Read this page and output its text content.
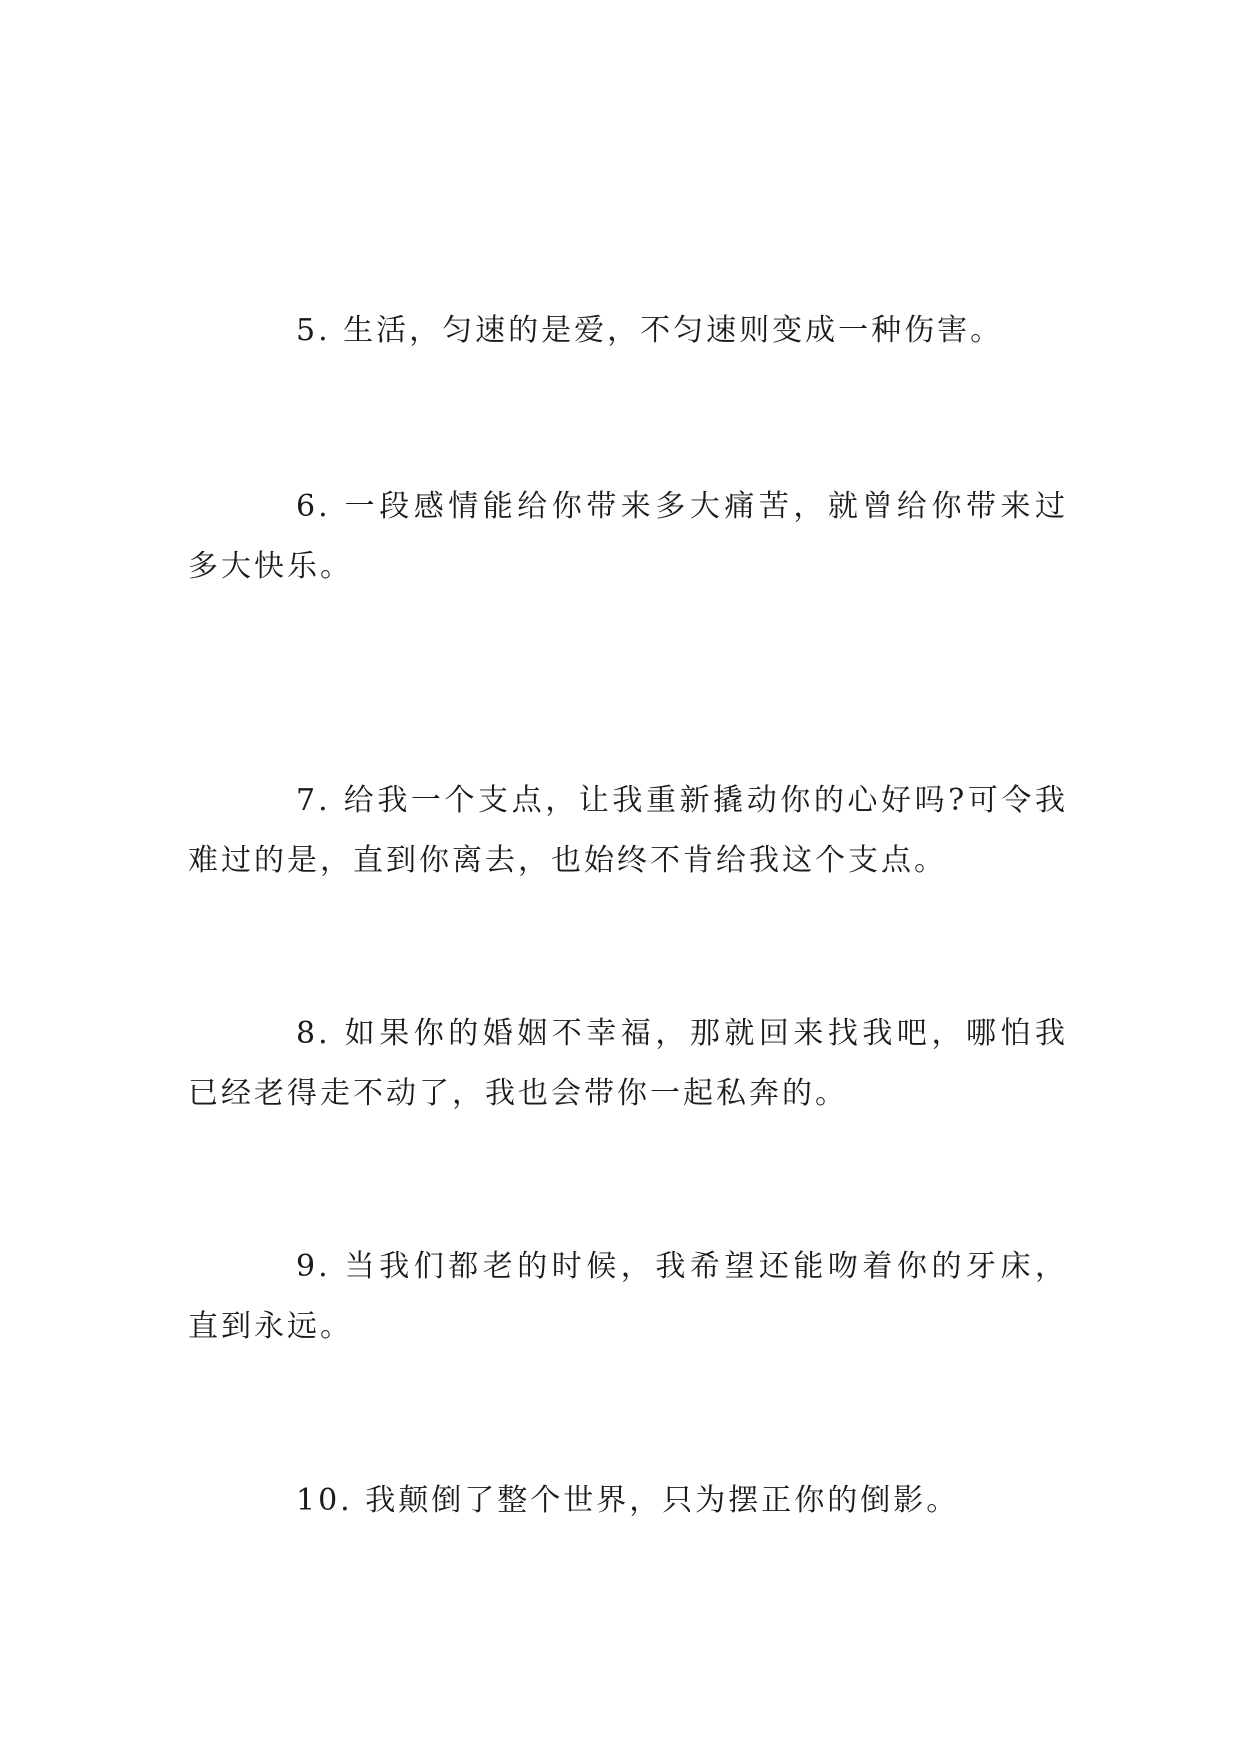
5. 生活，匀速的是爱，不匀速则变成一种伤害。

6. 一段感情能给你带来多大痛苦，就曾给你带来过多大快乐。

7. 给我一个支点，让我重新撬动你的心好吗?可令我难过的是，直到你离去，也始终不肯给我这个支点。

8. 如果你的婚姻不幸福，那就回来找我吧，哪怕我已经老得走不动了，我也会带你一起私奔的。

9. 当我们都老的时候，我希望还能吻着你的牙床，直到永远。

10. 我颠倒了整个世界，只为摆正你的倒影。
